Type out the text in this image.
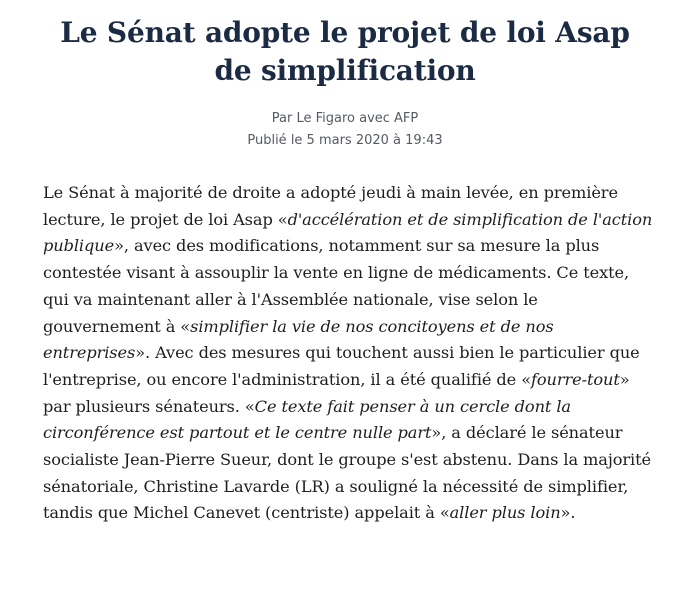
Le Sénat adopte le projet de loi Asap de simplification
Par Le Figaro avec AFP
Publié le 5 mars 2020 à 19:43

Le Sénat à majorité de droite a adopté jeudi à main levée, en première lecture, le projet de loi Asap «d'accélération et de simplification de l'action publique», avec des modifications, notamment sur sa mesure la plus contestée visant à assouplir la vente en ligne de médicaments. Ce texte, qui va maintenant aller à l'Assemblée nationale, vise selon le gouvernement à «simplifier la vie de nos concitoyens et de nos entreprises». Avec des mesures qui touchent aussi bien le particulier que l'entreprise, ou encore l'administration, il a été qualifié de «fourre-tout» par plusieurs sénateurs. «Ce texte fait penser à un cercle dont la circonférence est partout et le centre nulle part», a déclaré le sénateur socialiste Jean-Pierre Sueur, dont le groupe s'est abstenu. Dans la majorité sénatoriale, Christine Lavarde (LR) a souligné la nécessité de simplifier, tandis que Michel Canevet (centriste) appelait à «aller plus loin».
